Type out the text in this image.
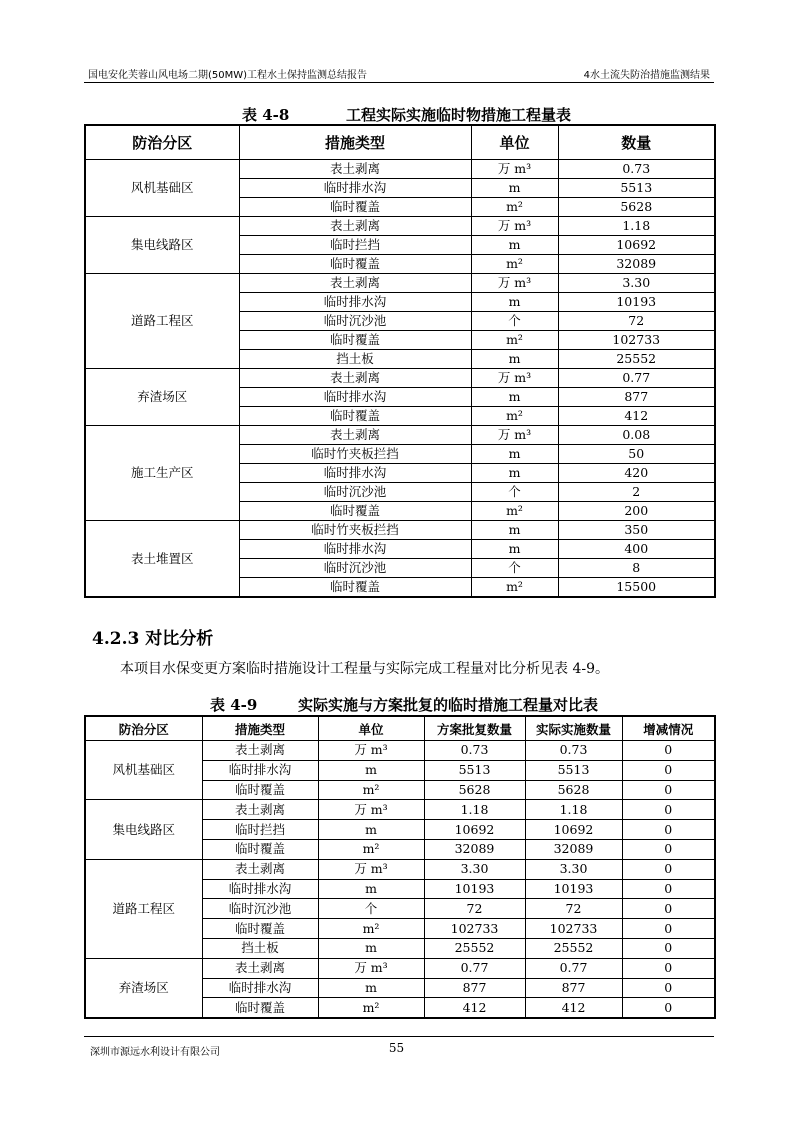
国电安化芙蓉山风电场二期(50MW)工程水土保持监测总结报告	4水土流失防治措施监测结果
表 4-8	工程实际实施临时物措施工程量表
防治分区	措施类型	单位	数量
风机基础区	表土剥离	万 m³	0.73
	临时排水沟	m	5513
	临时覆盖	m²	5628
集电线路区	表土剥离	万 m³	1.18
	临时拦挡	m	10692
	临时覆盖	m²	32089
道路工程区	表土剥离	万 m³	3.30
	临时排水沟	m	10193
	临时沉沙池	个	72
	临时覆盖	m²	102733
	挡土板	m	25552
弃渣场区	表土剥离	万 m³	0.77
	临时排水沟	m	877
	临时覆盖	m²	412
施工生产区	表土剥离	万 m³	0.08
	临时竹夹板拦挡	m	50
	临时排水沟	m	420
	临时沉沙池	个	2
	临时覆盖	m²	200
表土堆置区	临时竹夹板拦挡	m	350
	临时排水沟	m	400
	临时沉沙池	个	8
	临时覆盖	m²	15500
4.2.3 对比分析
本项目水保变更方案临时措施设计工程量与实际完成工程量对比分析见表 4-9。
表 4-9	实际实施与方案批复的临时措施工程量对比表
防治分区	措施类型	单位	方案批复数量	实际实施数量	增减情况
风机基础区	表土剥离	万 m³	0.73	0.73	0
	临时排水沟	m	5513	5513	0
	临时覆盖	m²	5628	5628	0
集电线路区	表土剥离	万 m³	1.18	1.18	0
	临时拦挡	m	10692	10692	0
	临时覆盖	m²	32089	32089	0
道路工程区	表土剥离	万 m³	3.30	3.30	0
	临时排水沟	m	10193	10193	0
	临时沉沙池	个	72	72	0
	临时覆盖	m²	102733	102733	0
	挡土板	m	25552	25552	0
弃渣场区	表土剥离	万 m³	0.77	0.77	0
	临时排水沟	m	877	877	0
	临时覆盖	m²	412	412	0
深圳市源远水利设计有限公司	55
